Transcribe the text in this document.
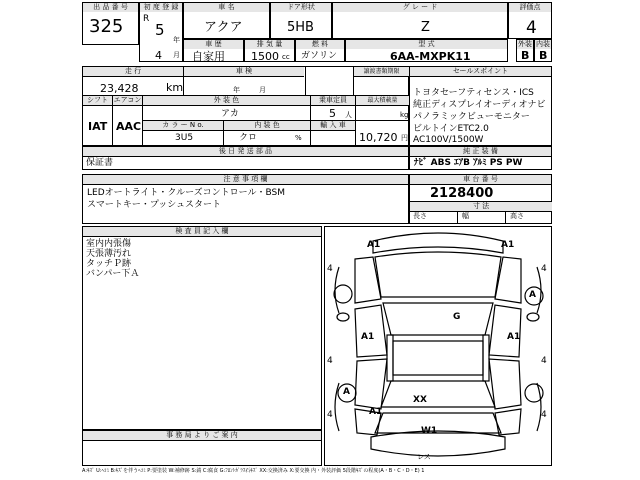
出 品 番 号
325
初 度 登 録
R
5
年
4 月
車 名
アクア
ドア形状
5HB
グ レ ー ド
Z
評価点
4
車 歴
自家用
排 気 量
1500 cc
燃 料
ガソリン
型 式
6AA-MXPK11
外装
B
内装
B
走 行
23,428	km
車 検
年	月
譲渡書類期限
シフト エアコン
IAT AAC
外 装 色
アカ
乗車定員
5 人
最大積載量
kg
カ ラ ー N o.	内 装 色
3U5	クロ	%
輸 入 車
10,720 円
セールスポイント
トヨタセーフティセンス・ICS
純正ディスプレイオーディオナビ
パノラミックビューモニター
ビルトインETC2.0
AC100V/1500W
後 日 発 送 部 品
保証書
純 正 装 備
ﾅﾋﾞ ABS ｴｱB ｱﾙﾐ PS PW
注 意 事 項 欄
LEDオートライト・クルーズコントロール・BSM
スマートキー・プッシュスタート
車 台 番 号
2128400
寸 法
長さ	幅	高さ
検 査 員 記 入 欄
室内内張傷
天張薄汚れ
タッチＰ跡
バンパー下Ａ
事 務 局 よ り ご 案 内
A1	A1
A
G
A1	A1
A
XX
A1
W1
4	4
4	4
4	4
レス
A:ｷｽﾞ U:ﾍｺﾐ B:ｷｽﾞを伴うﾍｺﾐ P:要塗装 W:補修跡 S:錆 C:腐食 G:ﾌﾛﾝﾄｶﾞﾗｽ石ｷｽﾞ XX:交換済み X:要交換 内・外装評価 5段階ｷｽﾞの程度(A・B・C・D・E) 1
